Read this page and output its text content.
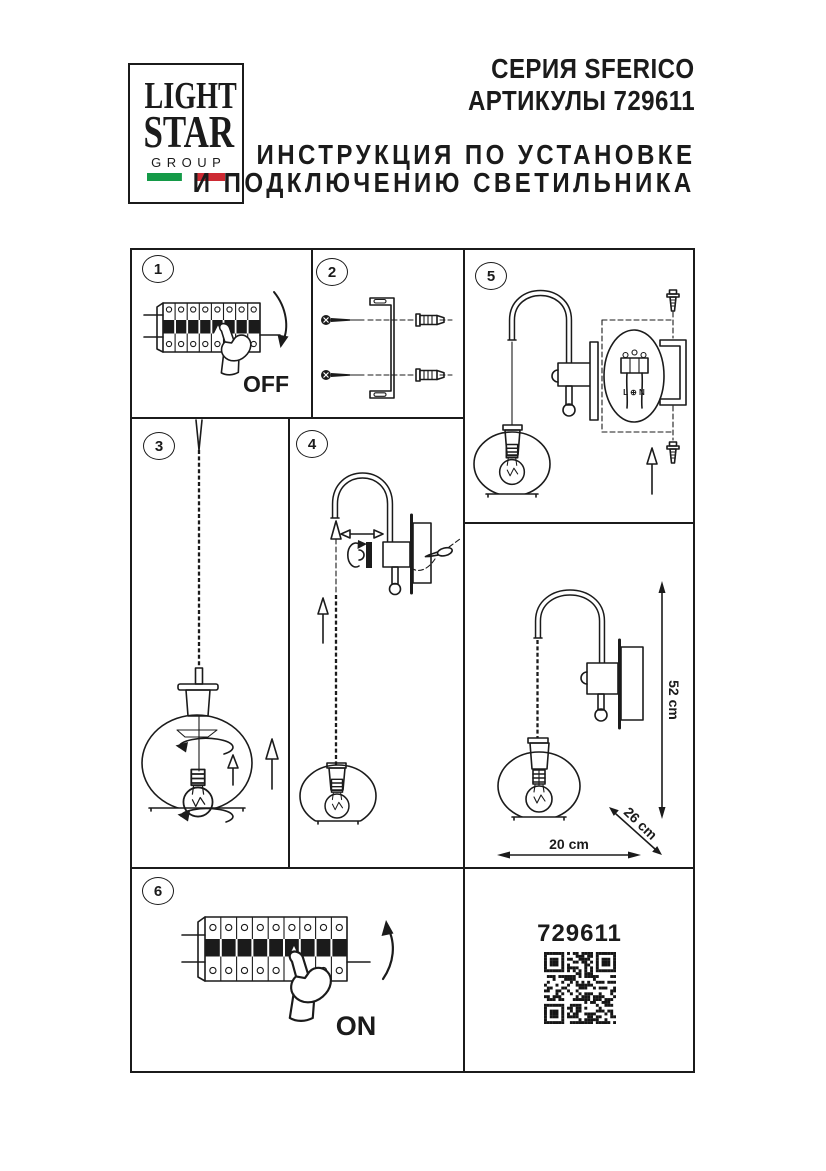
LIGHT
STAR
GROUP
СЕРИЯ SFERICO
АРТИКУЛЫ 729611
ИНСТРУКЦИЯ ПО УСТАНОВКЕ
И ПОДКЛЮЧЕНИЮ СВЕТИЛЬНИКА
1	2	5
3	4
6
OFF	L ⊕ N
52 cm
26 cm
20 cm
ON
729611
